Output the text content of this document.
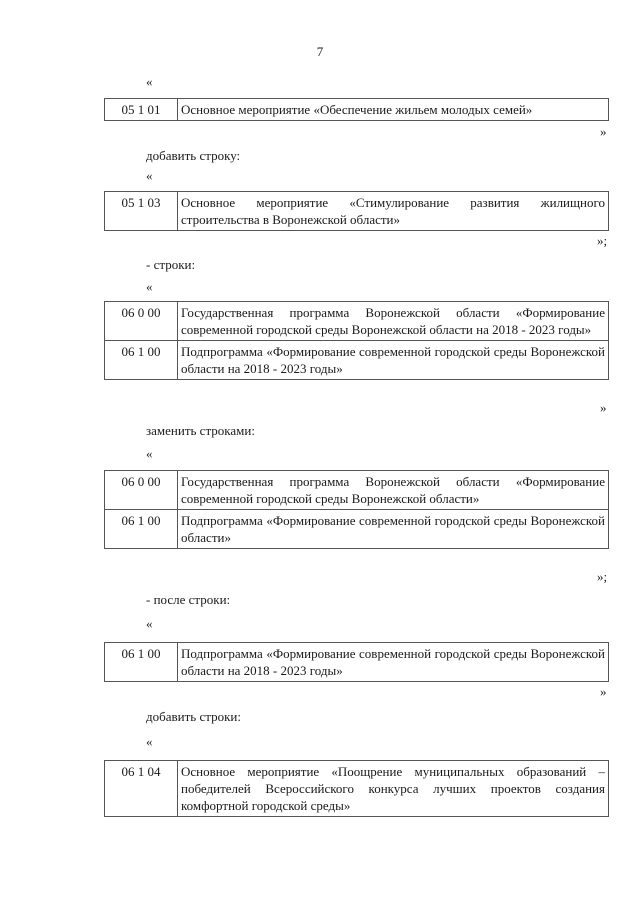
7
«
05 1 01	Основное мероприятие «Обеспечение жильем молодых семей»
»
добавить строку:
«
05 1 03	Основное мероприятие «Стимулирование развития жилищного строительства в Воронежской области»
»;
- строки:
«
06 0 00	Государственная программа Воронежской области «Формирование современной городской среды Воронежской области на 2018 - 2023 годы»
06 1 00	Подпрограмма «Формирование современной городской среды Воронежской области на 2018 - 2023 годы»
»
заменить строками:
«
06 0 00	Государственная программа Воронежской области «Формирование современной городской среды Воронежской области»
06 1 00	Подпрограмма «Формирование современной городской среды Воронежской области»
»;
- после строки:
«
06 1 00	Подпрограмма «Формирование современной городской среды Воронежской области на 2018 - 2023 годы»
»
добавить строки:
«
06 1 04	Основное мероприятие «Поощрение муниципальных образований – победителей Всероссийского конкурса лучших проектов создания комфортной городской среды»
